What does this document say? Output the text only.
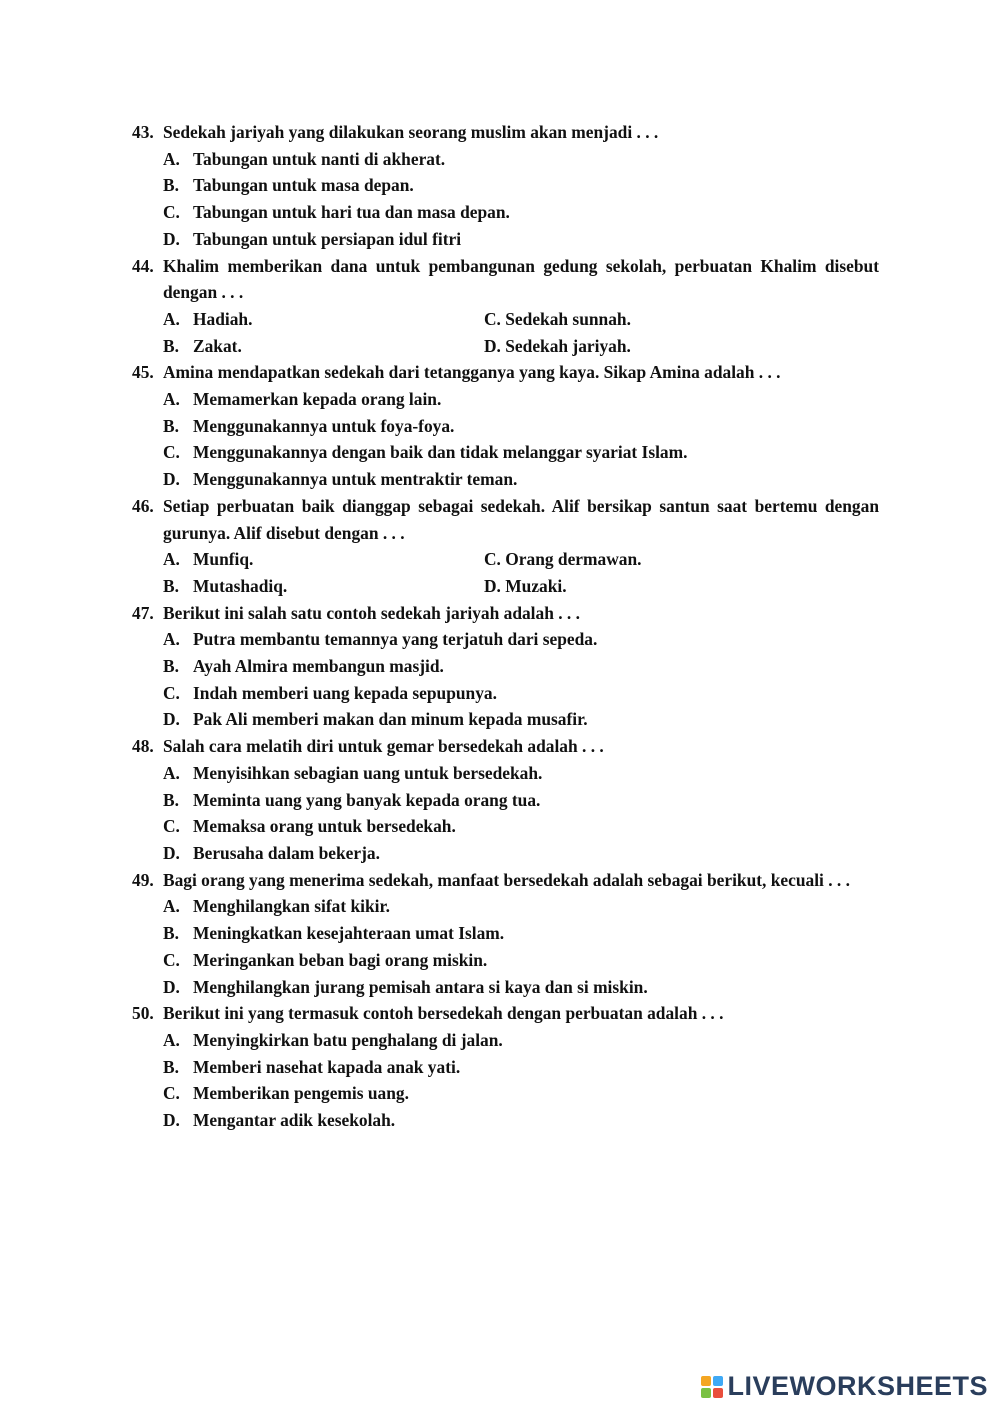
43. Sedekah jariyah yang dilakukan seorang muslim akan menjadi . . .
A. Tabungan untuk nanti di akherat.
B. Tabungan untuk masa depan.
C. Tabungan untuk hari tua dan masa depan.
D. Tabungan untuk persiapan idul fitri
44. Khalim memberikan dana untuk pembangunan gedung sekolah, perbuatan Khalim disebut dengan . . .
A. Hadiah.	C. Sedekah sunnah.
B. Zakat.	D. Sedekah jariyah.
45. Amina mendapatkan sedekah dari tetangganya yang kaya. Sikap Amina adalah . . .
A. Memamerkan kepada orang lain.
B. Menggunakannya untuk foya-foya.
C. Menggunakannya dengan baik dan tidak melanggar syariat Islam.
D. Menggunakannya untuk mentraktir teman.
46. Setiap perbuatan baik dianggap sebagai sedekah. Alif bersikap santun saat bertemu dengan gurunya. Alif disebut dengan . . .
A. Munfiq.	C. Orang dermawan.
B. Mutashadiq.	D. Muzaki.
47. Berikut ini salah satu contoh sedekah jariyah adalah . . .
A. Putra membantu temannya yang terjatuh dari sepeda.
B. Ayah Almira membangun masjid.
C. Indah memberi uang kepada sepupunya.
D. Pak Ali memberi makan dan minum kepada musafir.
48. Salah cara melatih diri untuk gemar bersedekah adalah . . .
A. Menyisihkan sebagian uang untuk bersedekah.
B. Meminta uang yang banyak kepada orang tua.
C. Memaksa orang untuk bersedekah.
D. Berusaha dalam bekerja.
49. Bagi orang yang menerima sedekah, manfaat bersedekah adalah sebagai berikut, kecuali . . .
A. Menghilangkan sifat kikir.
B. Meningkatkan kesejahteraan umat Islam.
C. Meringankan beban bagi orang miskin.
D. Menghilangkan jurang pemisah antara si kaya dan si miskin.
50. Berikut ini yang termasuk contoh bersedekah dengan perbuatan adalah . . .
A. Menyingkirkan batu penghalang di jalan.
B. Memberi nasehat kapada anak yati.
C. Memberikan pengemis uang.
D. Mengantar adik kesekolah.
LIVEWORKSHEETS
